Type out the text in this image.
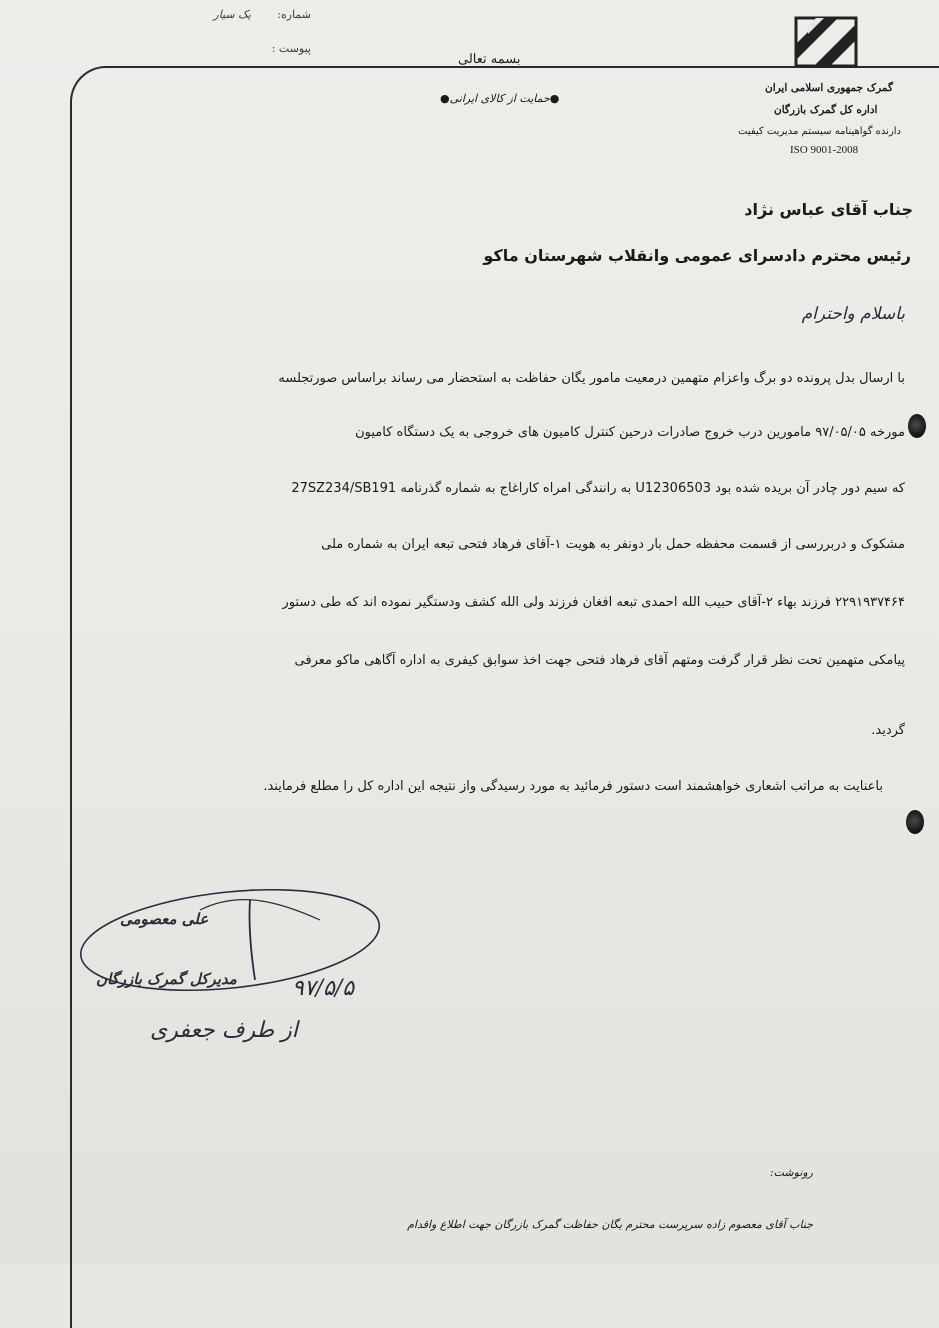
شماره:
یک سیار
پیوست :
بسمه تعالی
●حمایت از کالای ایرانی●
گمرک جمهوری اسلامی ایران
اداره کل گمرک بازرگان
دارنده گواهینامه سیستم مدیریت کیفیت
ISO 9001-2008
جناب آقای عباس نژاد
رئیس محترم دادسرای عمومی وانقلاب شهرستان ماکو
باسلام واحترام
با ارسال بدل پرونده دو برگ واعزام متهمین درمعیت مامور یگان حفاظت به استحضار می رساند براساس صورتجلسه
مورخه ۹۷/۰۵/۰۵ مامورین درب خروج صادرات درحین کنترل کامیون های خروجی به یک دستگاه کامیون
27SZ234/SB191 به رانندگی امراه کاراغاج به شماره گذرنامه U12306503 که سیم دور چادر آن بریده شده بود
مشکوک و دربررسی از قسمت محفظه حمل بار دونفر به هویت ۱-آقای فرهاد فتحی تبعه ایران به شماره ملی
۲۲۹۱۹۳۷۴۶۴ فرزند بهاء ۲-آقای حبیب الله احمدی تبعه افغان فرزند ولی الله کشف ودستگیر نموده اند که طی دستور
پیامکی متهمین تحت نظر قرار گرفت ومتهم آقای فرهاد فتحی جهت اخذ سوابق کیفری به اداره آگاهی ماکو معرفی
گردید.
باعنایت به مراتب اشعاری خواهشمند است دستور فرمائید به مورد رسیدگی واز نتیجه این اداره کل را مطلع فرمایند.
علی معصومی
مدیرکل گمرک بازرگان	۹۷/۵/۵
از طرف جعفری
رونوشت:
جناب آقای معصوم زاده سرپرست محترم یگان حفاظت گمرک بازرگان جهت اطلاع واقدام
